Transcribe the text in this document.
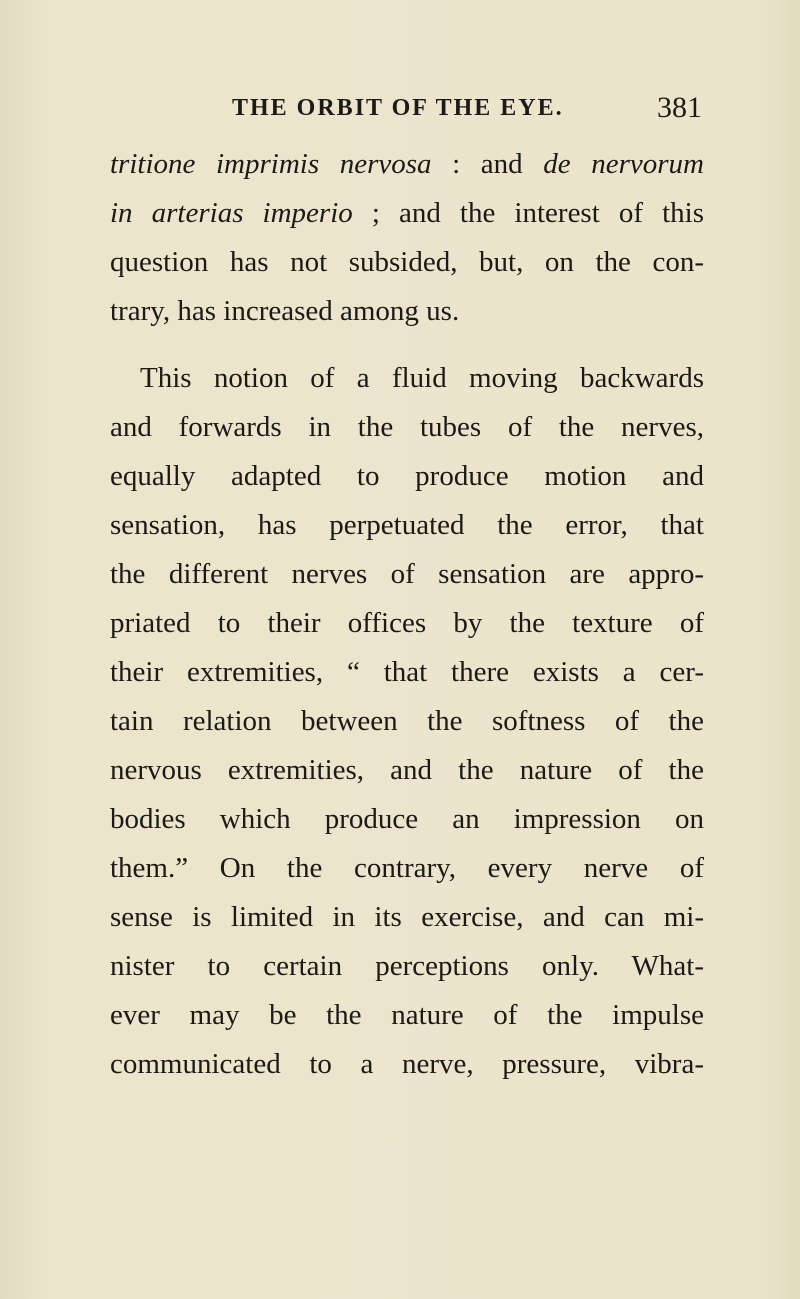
THE ORBIT OF THE EYE.	381
tritione imprimis nervosa : and de nervorum
in arterias imperio ; and the interest of this
question has not subsided, but, on the con-
trary, has increased among us.
This notion of a fluid moving backwards
and forwards in the tubes of the nerves,
equally adapted to produce motion and
sensation, has perpetuated the error, that
the different nerves of sensation are appro-
priated to their offices by the texture of
their extremities, “ that there exists a cer-
tain relation between the softness of the
nervous extremities, and the nature of the
bodies which produce an impression on
them.” On the contrary, every nerve of
sense is limited in its exercise, and can mi-
nister to certain perceptions only. What-
ever may be the nature of the impulse
communicated to a nerve, pressure, vibra-
